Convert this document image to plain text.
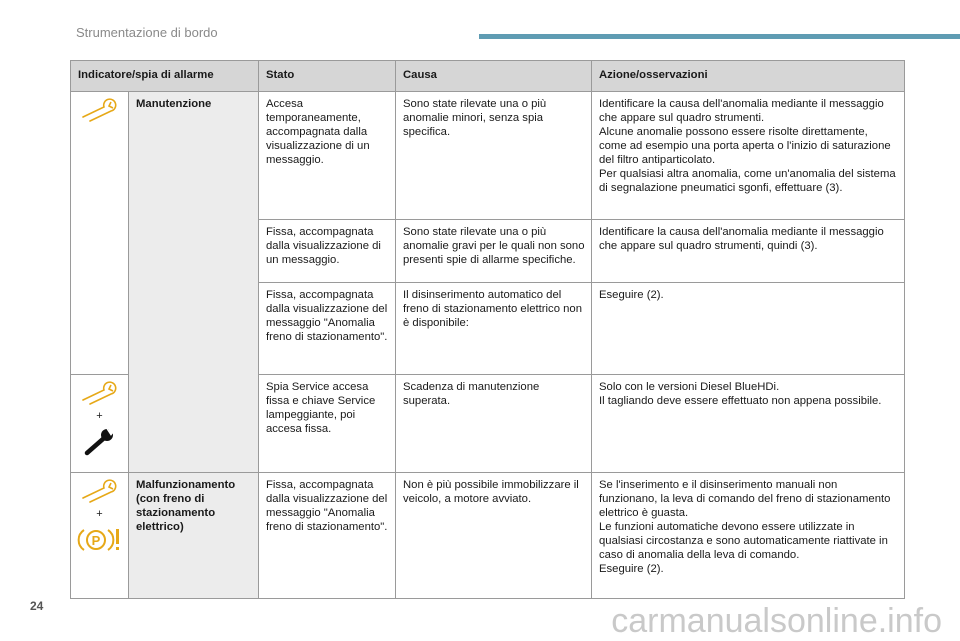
Strumentazione di bordo
Indicatore/spia di allarme		Stato	Causa	Azione/osservazioni

	Manutenzione	Accesa temporaneamente, accompagnata dalla visualizzazione di un messaggio.	Sono state rilevate una o più anomalie minori, senza spia specifica.	Identificare la causa dell'anomalia mediante il messaggio che appare sul quadro strumenti.
Alcune anomalie possono essere risolte direttamente, come ad esempio una porta aperta o l'inizio di saturazione del filtro antiparticolato.
Per qualsiasi altra anomalia, come un'anomalia del sistema di segnalazione pneumatici sgonfi, effettuare (3).
		Fissa, accompagnata dalla visualizzazione di un messaggio.	Sono state rilevate una o più anomalie gravi per le quali non sono presenti spie di allarme specifiche.	Identificare la causa dell'anomalia mediante il messaggio che appare sul quadro strumenti, quindi (3).
		Fissa, accompagnata dalla visualizzazione del messaggio "Anomalia freno di stazionamento".	Il disinserimento automatico del freno di stazionamento elettrico non è disponibile:	Eseguire (2).

+		Spia Service accesa fissa e chiave Service lampeggiante, poi accesa fissa.	Scadenza di manutenzione superata.	Solo con le versioni Diesel BlueHDi.
Il tagliando deve essere effettuato non appena possibile.

+
P	Malfunzionamento (con freno di stazionamento elettrico)	Fissa, accompagnata dalla visualizzazione del messaggio "Anomalia freno di stazionamento".	Non è più possibile immobilizzare il veicolo, a motore avviato.	Se l'inserimento e il disinserimento manuali non funzionano, la leva di comando del freno di stazionamento elettrico è guasta.
Le funzioni automatiche devono essere utilizzate in qualsiasi circostanza e sono automaticamente riattivate in caso di anomalia della leva di comando.
Eseguire (2).
24	carmanualsonline.info
